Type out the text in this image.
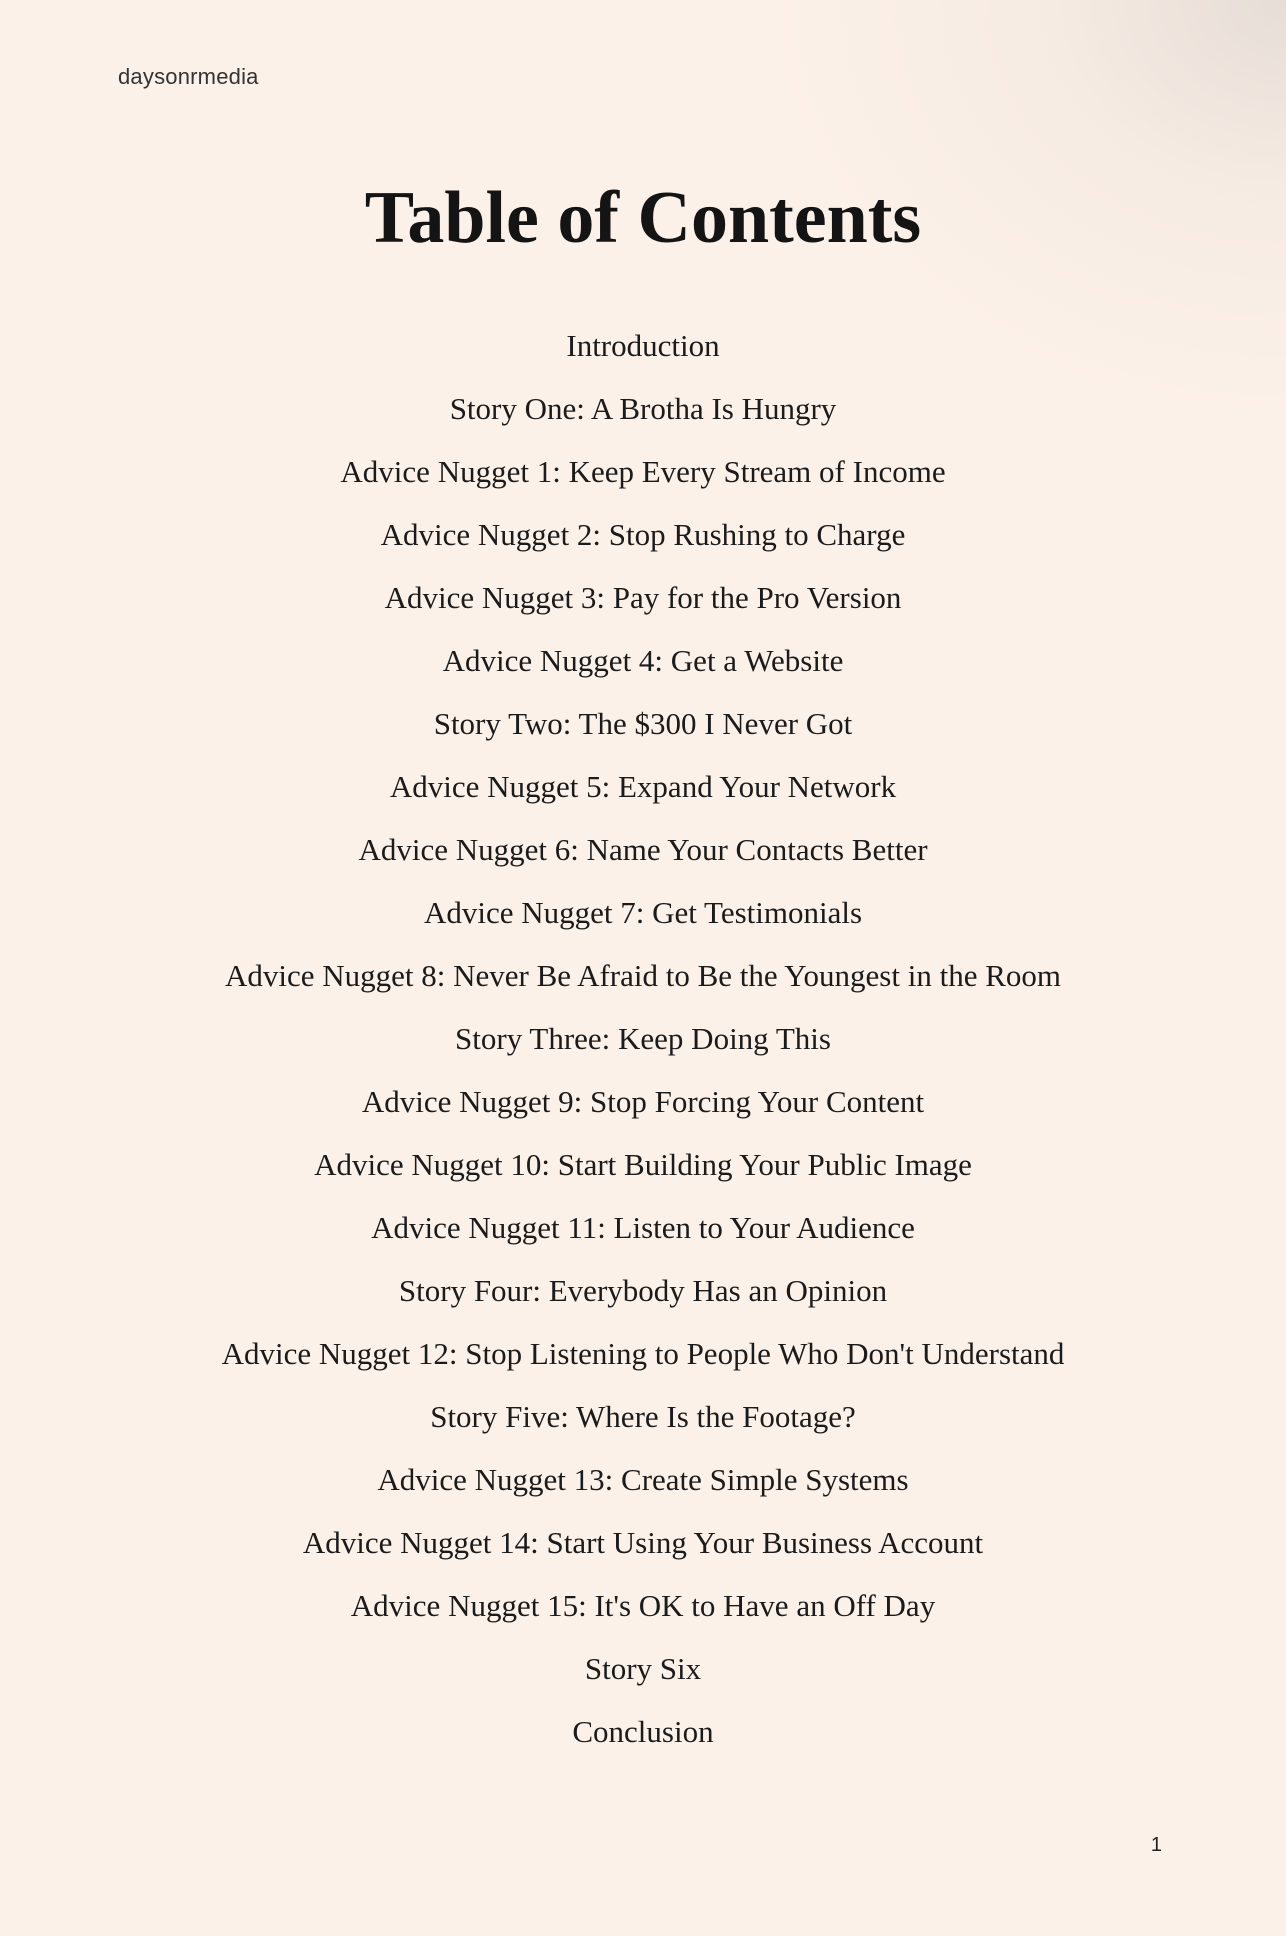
daysonrmedia
Table of Contents
Introduction
Story One: A Brotha Is Hungry
Advice Nugget 1: Keep Every Stream of Income
Advice Nugget 2: Stop Rushing to Charge
Advice Nugget 3: Pay for the Pro Version
Advice Nugget 4: Get a Website
Story Two: The $300 I Never Got
Advice Nugget 5: Expand Your Network
Advice Nugget 6: Name Your Contacts Better
Advice Nugget 7: Get Testimonials
Advice Nugget 8: Never Be Afraid to Be the Youngest in the Room
Story Three: Keep Doing This
Advice Nugget 9: Stop Forcing Your Content
Advice Nugget 10: Start Building Your Public Image
Advice Nugget 11: Listen to Your Audience
Story Four: Everybody Has an Opinion
Advice Nugget 12: Stop Listening to People Who Don't Understand
Story Five: Where Is the Footage?
Advice Nugget 13: Create Simple Systems
Advice Nugget 14: Start Using Your Business Account
Advice Nugget 15: It's OK to Have an Off Day
Story Six
Conclusion
1
